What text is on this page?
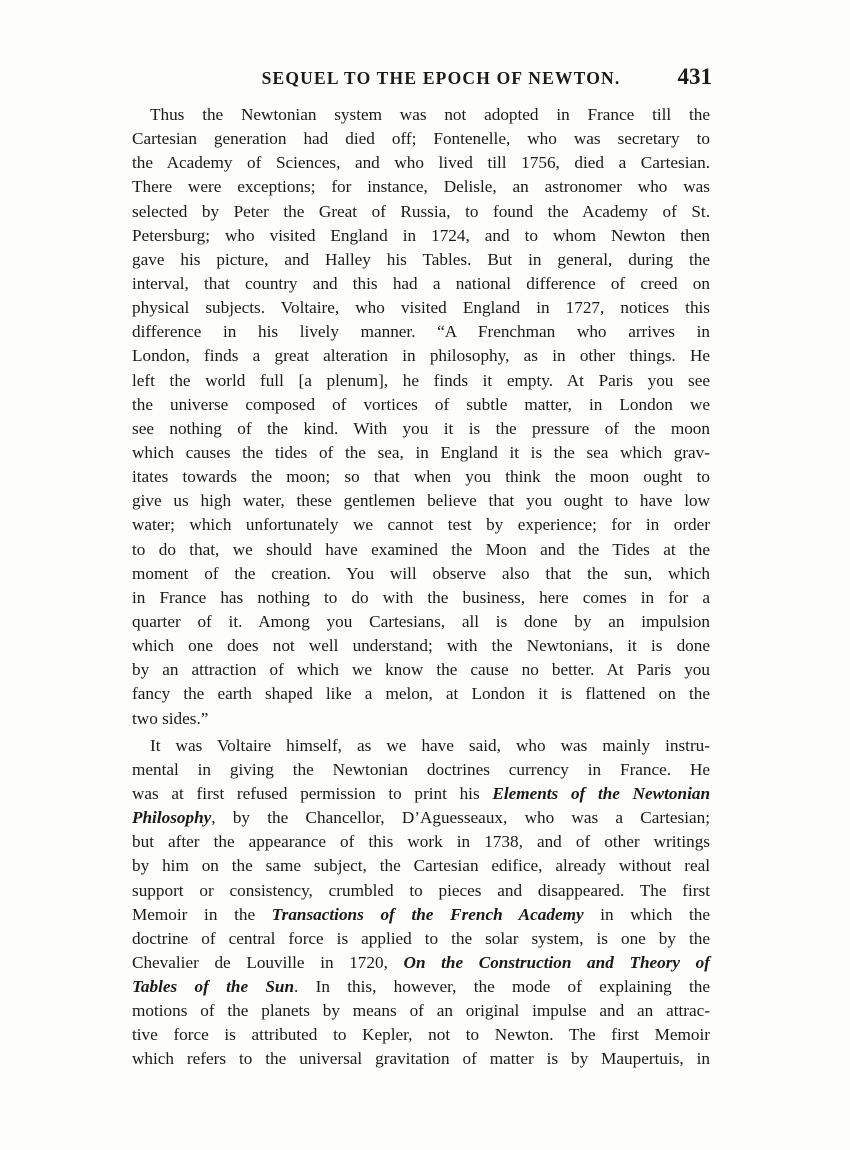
SEQUEL TO THE EPOCH OF NEWTON.	431
Thus the Newtonian system was not adopted in France till the
Cartesian generation had died off; Fontenelle, who was secretary to
the Academy of Sciences, and who lived till 1756, died a Cartesian.
There were exceptions; for instance, Delisle, an astronomer who was
selected by Peter the Great of Russia, to found the Academy of St.
Petersburg; who visited England in 1724, and to whom Newton then
gave his picture, and Halley his Tables. But in general, during the
interval, that country and this had a national difference of creed on
physical subjects. Voltaire, who visited England in 1727, notices this
difference in his lively manner. “A Frenchman who arrives in
London, finds a great alteration in philosophy, as in other things. He
left the world full [a plenum], he finds it empty. At Paris you see
the universe composed of vortices of subtle matter, in London we
see nothing of the kind. With you it is the pressure of the moon
which causes the tides of the sea, in England it is the sea which grav-
itates towards the moon; so that when you think the moon ought to
give us high water, these gentlemen believe that you ought to have low
water; which unfortunately we cannot test by experience; for in order
to do that, we should have examined the Moon and the Tides at the
moment of the creation. You will observe also that the sun, which
in France has nothing to do with the business, here comes in for a
quarter of it. Among you Cartesians, all is done by an impulsion
which one does not well understand; with the Newtonians, it is done
by an attraction of which we know the cause no better. At Paris you
fancy the earth shaped like a melon, at London it is flattened on the
two sides.”
It was Voltaire himself, as we have said, who was mainly instru-
mental in giving the Newtonian doctrines currency in France. He
was at first refused permission to print his Elements of the Newtonian
Philosophy, by the Chancellor, D’Aguesseaux, who was a Cartesian;
but after the appearance of this work in 1738, and of other writings
by him on the same subject, the Cartesian edifice, already without real
support or consistency, crumbled to pieces and disappeared. The first
Memoir in the Transactions of the French Academy in which the
doctrine of central force is applied to the solar system, is one by the
Chevalier de Louville in 1720, On the Construction and Theory of
Tables of the Sun. In this, however, the mode of explaining the
motions of the planets by means of an original impulse and an attrac-
tive force is attributed to Kepler, not to Newton. The first Memoir
which refers to the universal gravitation of matter is by Maupertuis, in
